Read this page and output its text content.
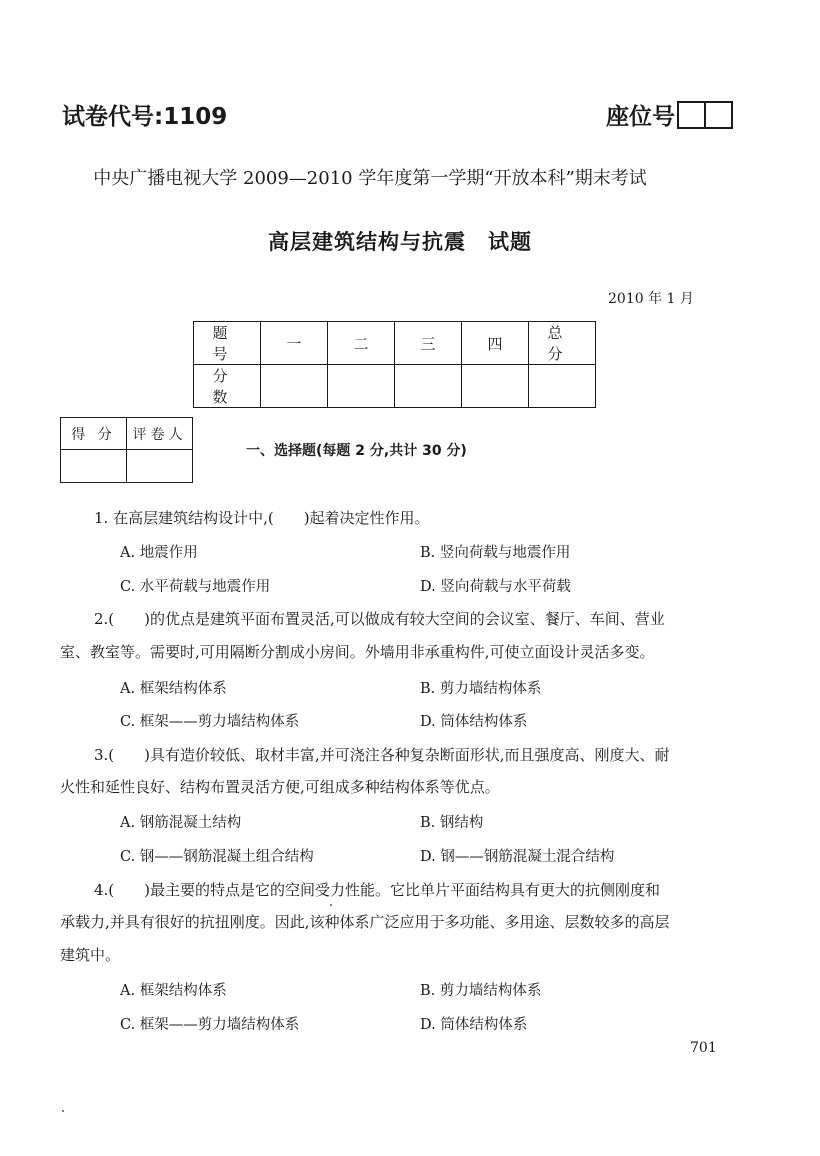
试卷代号:1109	座位号
中央广播电视大学 2009—2010 学年度第一学期“开放本科”期末考试
高层建筑结构与抗震　试题
2010 年 1 月
题 号	一	二	三	四	总 分
分 数					
得 分	评卷人

一、选择题(每题 2 分,共计 30 分)
1. 在高层建筑结构设计中,(　　)起着决定性作用。
A. 地震作用	B. 竖向荷载与地震作用
C. 水平荷载与地震作用	D. 竖向荷载与水平荷载
2.(　　)的优点是建筑平面布置灵活,可以做成有较大空间的会议室、餐厅、车间、营业
室、教室等。需要时,可用隔断分割成小房间。外墙用非承重构件,可使立面设计灵活多变。
A. 框架结构体系	B. 剪力墙结构体系
C. 框架——剪力墙结构体系	D. 筒体结构体系
3.(　　)具有造价较低、取材丰富,并可浇注各种复杂断面形状,而且强度高、刚度大、耐
火性和延性良好、结构布置灵活方便,可组成多种结构体系等优点。
A. 钢筋混凝土结构	B. 钢结构
C. 钢——钢筋混凝土组合结构	D. 钢——钢筋混凝土混合结构
4.(　　)最主要的特点是它的空间受力性能。它比单片平面结构具有更大的抗侧刚度和
承载力,并具有很好的抗扭刚度。因此,该种体系广泛应用于多功能、多用途、层数较多的高层
建筑中。
A. 框架结构体系	B. 剪力墙结构体系
C. 框架——剪力墙结构体系	D. 筒体结构体系
701
